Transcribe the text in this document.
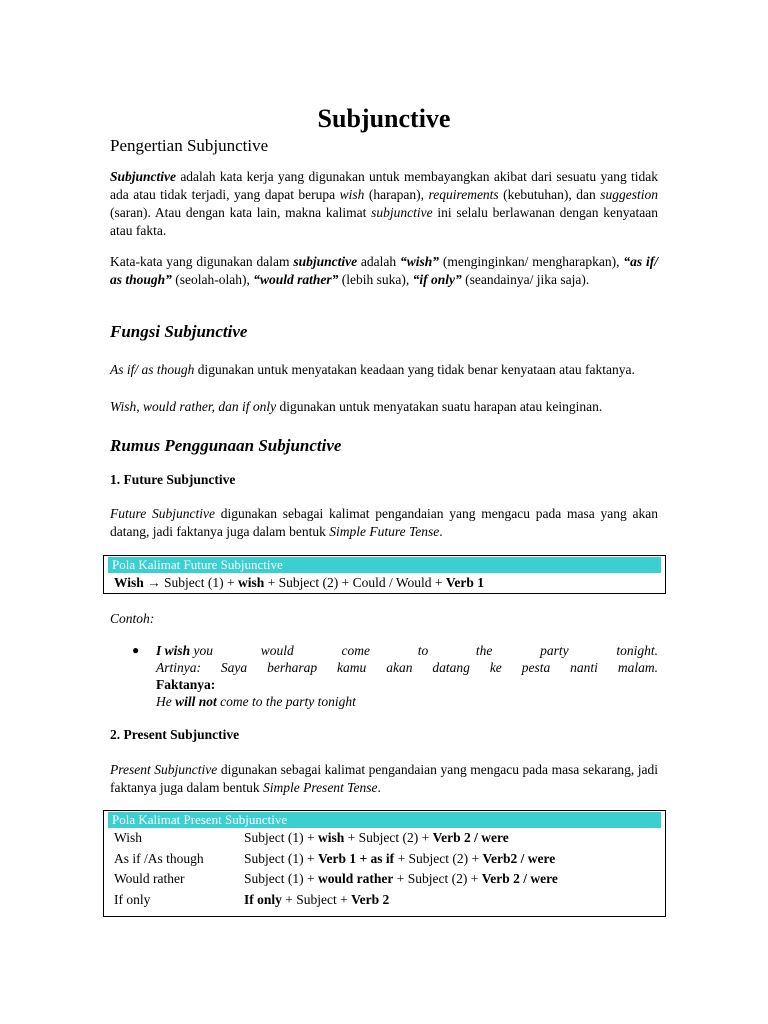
Subjunctive
Pengertian Subjunctive

Subjunctive adalah kata kerja yang digunakan untuk membayangkan akibat dari sesuatu yang tidak ada atau tidak terjadi, yang dapat berupa wish (harapan), requirements (kebutuhan), dan suggestion (saran). Atau dengan kata lain, makna kalimat subjunctive ini selalu berlawanan dengan kenyataan atau fakta.

Kata-kata yang digunakan dalam subjunctive adalah “wish” (menginginkan/ mengharapkan), “as if/ as though” (seolah-olah), “would rather” (lebih suka), “if only” (seandainya/ jika saja).

Fungsi Subjunctive

As if/ as though digunakan untuk menyatakan keadaan yang tidak benar kenyataan atau faktanya.

Wish, would rather, dan if only digunakan untuk menyatakan suatu harapan atau keinginan.

Rumus Penggunaan Subjunctive
1. Future Subjunctive

Future Subjunctive digunakan sebagai kalimat pengandaian yang mengacu pada masa yang akan datang, jadi faktanya juga dalam bentuk Simple Future Tense.

Pola Kalimat Future Subjunctive
Wish → Subject (1) + wish + Subject (2) + Could / Would + Verb 1

Contoh:

● I wish you	would	come	to	the	party	tonight.
Artinya: Saya berharap kamu akan datang ke pesta nanti malam.
Faktanya:
He will not come to the party tonight
2. Present Subjunctive

Present Subjunctive digunakan sebagai kalimat pengandaian yang mengacu pada masa sekarang, jadi faktanya juga dalam bentuk Simple Present Tense.

Pola Kalimat Present Subjunctive
Wish	Subject (1) + wish + Subject (2) + Verb 2 / were
As if /As though	Subject (1) + Verb 1 + as if + Subject (2) + Verb2 / were
Would rather	Subject (1) + would rather + Subject (2) + Verb 2 / were
If only	If only + Subject + Verb 2
